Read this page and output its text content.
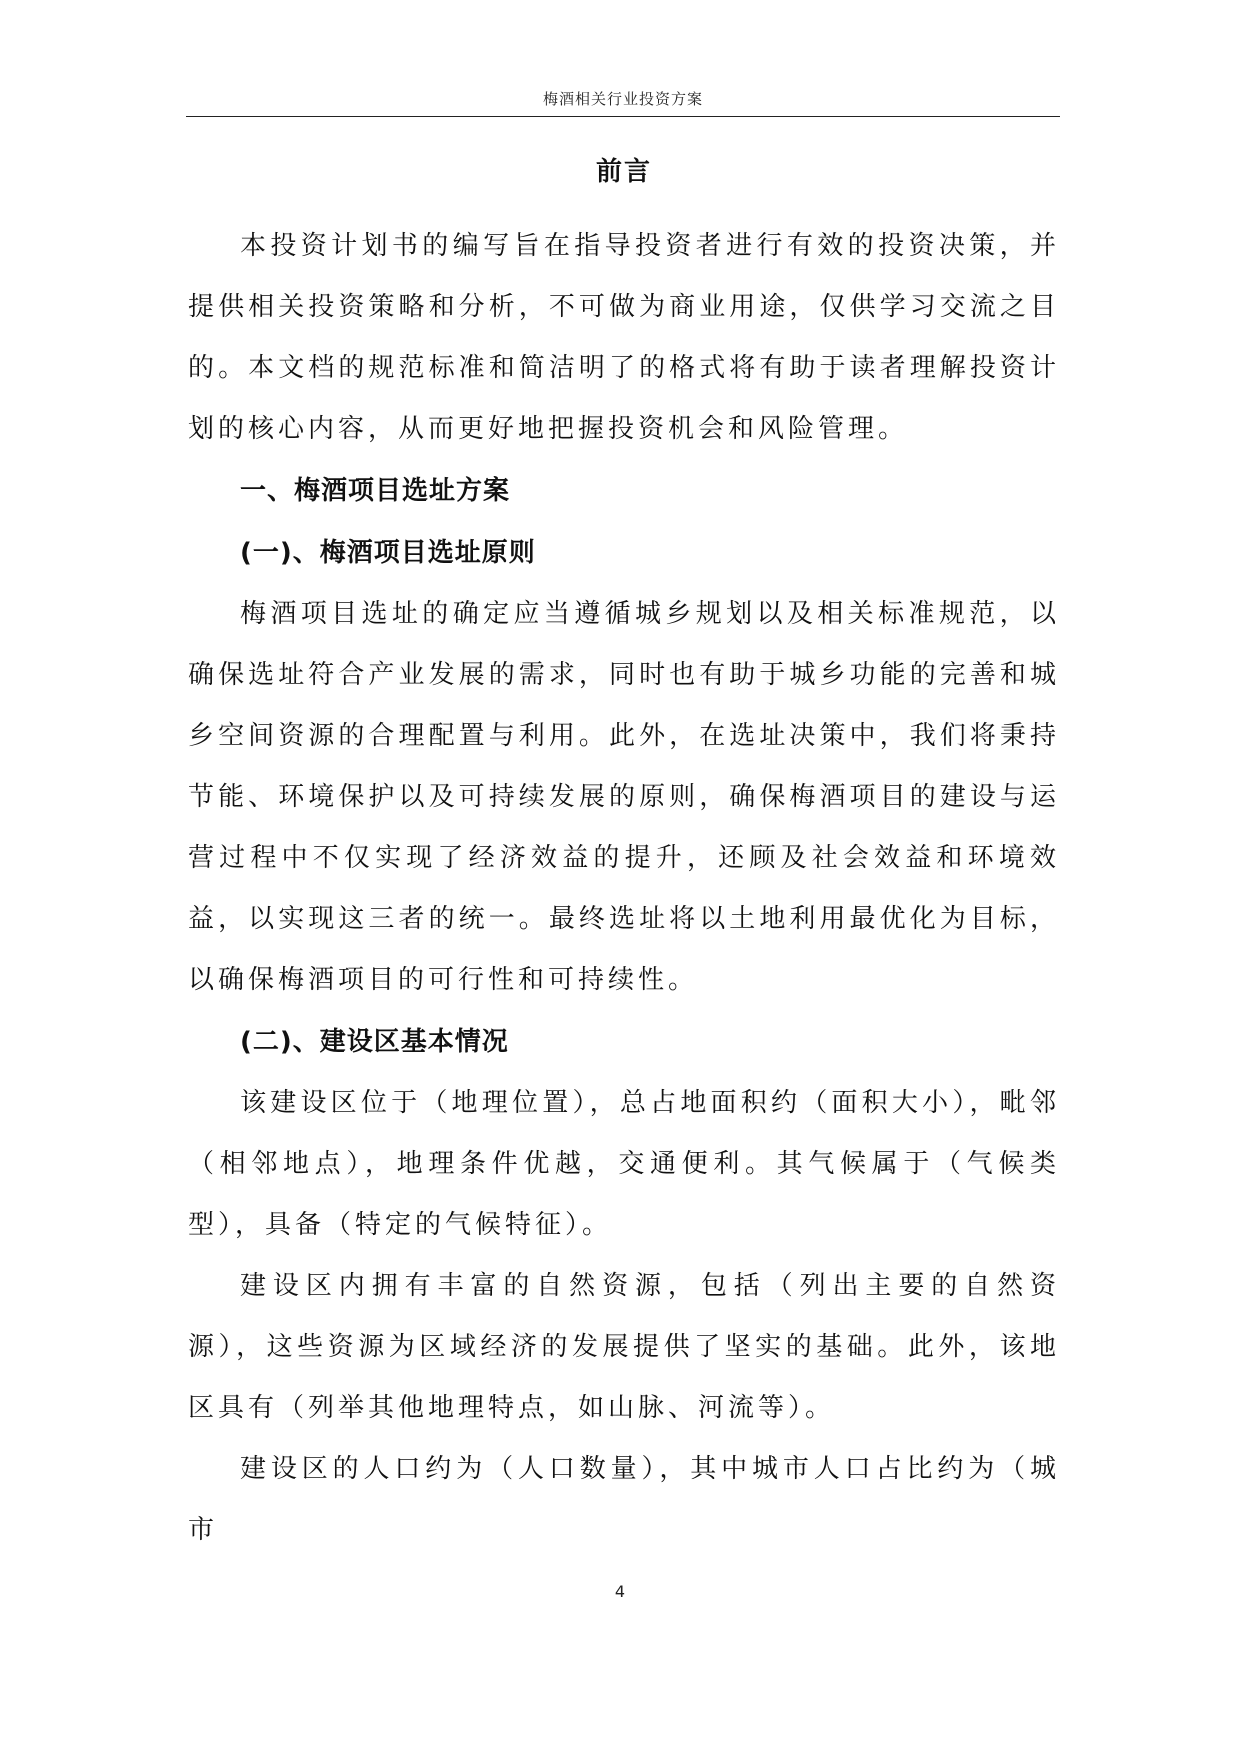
梅酒相关行业投资方案
前言

本投资计划书的编写旨在指导投资者进行有效的投资决策，并提供相关投资策略和分析，不可做为商业用途，仅供学习交流之目的。本文档的规范标准和简洁明了的格式将有助于读者理解投资计划的核心内容，从而更好地把握投资机会和风险管理。

一、梅酒项目选址方案

(一)、梅酒项目选址原则

梅酒项目选址的确定应当遵循城乡规划以及相关标准规范，以确保选址符合产业发展的需求，同时也有助于城乡功能的完善和城乡空间资源的合理配置与利用。此外，在选址决策中，我们将秉持节能、环境保护以及可持续发展的原则，确保梅酒项目的建设与运营过程中不仅实现了经济效益的提升，还顾及社会效益和环境效益，以实现这三者的统一。最终选址将以土地利用最优化为目标，以确保梅酒项目的可行性和可持续性。

(二)、建设区基本情况

该建设区位于（地理位置），总占地面积约（面积大小），毗邻（相邻地点），地理条件优越，交通便利。其气候属于（气候类型），具备（特定的气候特征）。

建设区内拥有丰富的自然资源，包括（列出主要的自然资源），这些资源为区域经济的发展提供了坚实的基础。此外，该地区具有（列举其他地理特点，如山脉、河流等）。

建设区的人口约为（人口数量），其中城市人口占比约为（城市

4
